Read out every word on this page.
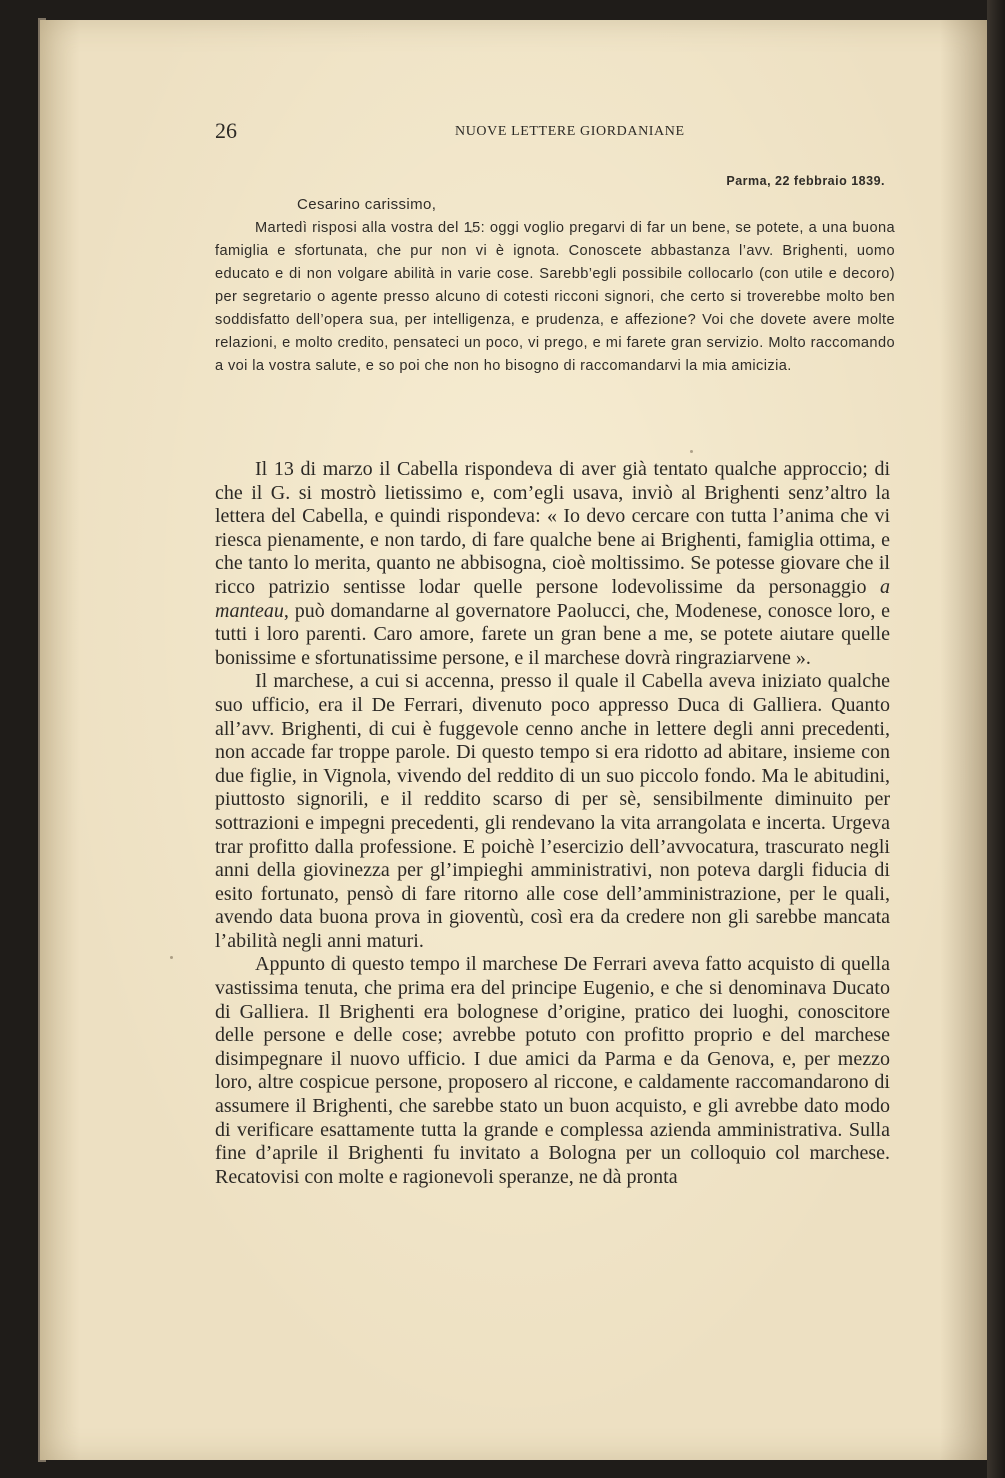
26	NUOVE LETTERE GIORDANIANE

Parma, 22 febbraio 1839.

Cesarino carissimo,

Martedì risposi alla vostra del 15: oggi voglio pregarvi di far un bene, se potete, a una buona famiglia e sfortunata, che pur non vi è ignota. Conoscete abbastanza l’avv. Brighenti, uomo educato e di non volgare abilità in varie cose. Sarebb’egli possibile collocarlo (con utile e decoro) per segretario o agente presso alcuno di cotesti ricconi signori, che certo si troverebbe molto ben soddisfatto dell’opera sua, per intelligenza, e prudenza, e affezione? Voi che dovete avere molte relazioni, e molto credito, pensateci un poco, vi prego, e mi farete gran servizio. Molto raccomando a voi la vostra salute, e so poi che non ho bisogno di raccomandarvi la mia amicizia.

Il 13 di marzo il Cabella rispondeva di aver già tentato qualche approccio; di che il G. si mostrò lietissimo e, com’egli usava, inviò al Brighenti senz’altro la lettera del Cabella, e quindi rispondeva: « Io devo cercare con tutta l’anima che vi riesca pienamente, e non tardo, di fare qualche bene ai Brighenti, famiglia ottima, e che tanto lo merita, quanto ne abbisogna, cioè moltissimo. Se potesse giovare che il ricco patrizio sentisse lodar quelle persone lodevolissime da personaggio a manteau, può domandarne al governatore Paolucci, che, Modenese, conosce loro, e tutti i loro parenti. Caro amore, farete un gran bene a me, se potete aiutare quelle bonissime e sfortunatissime persone, e il marchese dovrà ringraziarvene ».

Il marchese, a cui si accenna, presso il quale il Cabella aveva iniziato qualche suo ufficio, era il De Ferrari, divenuto poco appresso Duca di Galliera. Quanto all’avv. Brighenti, di cui è fuggevole cenno anche in lettere degli anni precedenti, non accade far troppe parole. Di questo tempo si era ridotto ad abitare, insieme con due figlie, in Vignola, vivendo del reddito di un suo piccolo fondo. Ma le abitudini, piuttosto signorili, e il reddito scarso di per sè, sensibilmente diminuito per sottrazioni e impegni precedenti, gli rendevano la vita arrangolata e incerta. Urgeva trar profitto dalla professione. E poichè l’esercizio dell’avvocatura, trascurato negli anni della giovinezza per gl’impieghi amministrativi, non poteva dargli fiducia di esito fortunato, pensò di fare ritorno alle cose dell’amministrazione, per le quali, avendo data buona prova in gioventù, così era da credere non gli sarebbe mancata l’abilità negli anni maturi.

Appunto di questo tempo il marchese De Ferrari aveva fatto acquisto di quella vastissima tenuta, che prima era del principe Eugenio, e che si denominava Ducato di Galliera. Il Brighenti era bolognese d’origine, pratico dei luoghi, conoscitore delle persone e delle cose; avrebbe potuto con profitto proprio e del marchese disimpegnare il nuovo ufficio. I due amici da Parma e da Genova, e, per mezzo loro, altre cospicue persone, proposero al riccone, e caldamente raccomandarono di assumere il Brighenti, che sarebbe stato un buon acquisto, e gli avrebbe dato modo di verificare esattamente tutta la grande e complessa azienda amministrativa. Sulla fine d’aprile il Brighenti fu invitato a Bologna per un colloquio col marchese. Recatovisi con molte e ragionevoli speranze, ne dà pronta
